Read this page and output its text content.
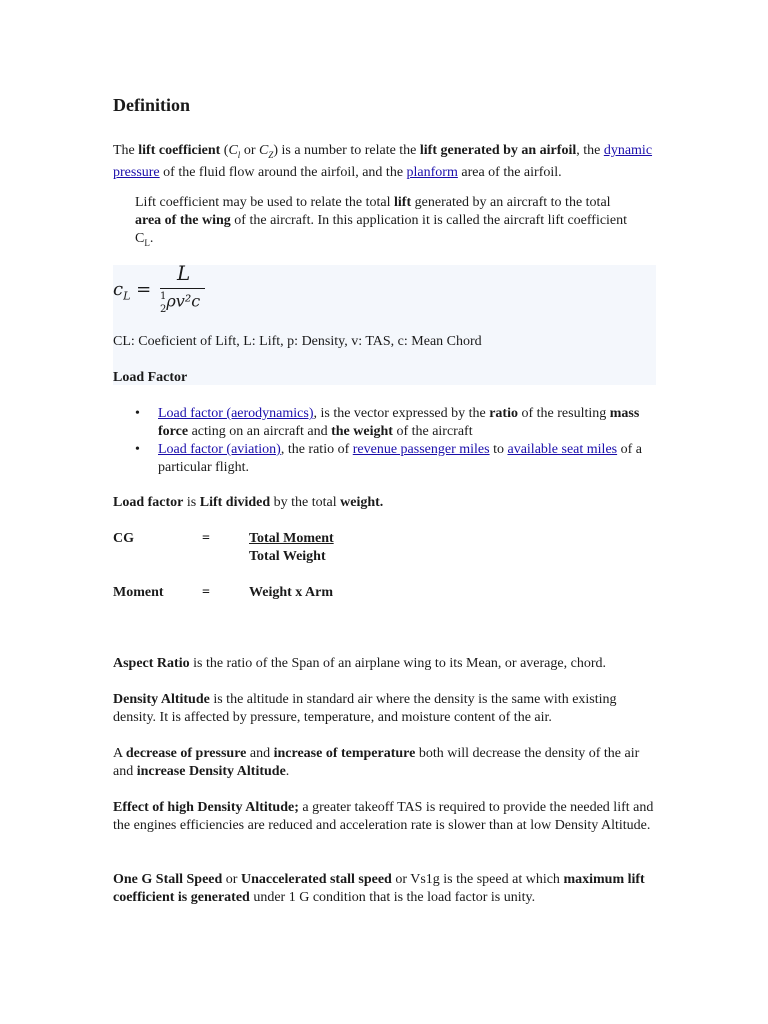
Definition
The lift coefficient ($C_l$ or $C_Z$) is a number to relate the lift generated by an airfoil, the dynamic pressure of the fluid flow around the airfoil, and the planform area of the airfoil.
Lift coefficient may be used to relate the total lift generated by an aircraft to the total area of the wing of the aircraft. In this application it is called the aircraft lift coefficient $C_L$.
$c_L$ =
L
1
2ρv²c
CL: Coeficient of Lift, L: Lift, p: Density, v: TAS, c: Mean Chord
Load Factor
• Load factor (aerodynamics), is the vector expressed by the ratio of the resulting mass force acting on an aircraft and the weight of the aircraft
• Load factor (aviation), the ratio of revenue passenger miles to available seat miles of a particular flight.
Load factor is Lift divided by the total weight.
CG	=	Total Moment
Total Weight
Moment	=	Weight x Arm
Aspect Ratio is the ratio of the Span of an airplane wing to its Mean, or average, chord.
Density Altitude is the altitude in standard air where the density is the same with existing density. It is affected by pressure, temperature, and moisture content of the air.
A decrease of pressure and increase of temperature both will decrease the density of the air and increase Density Altitude.
Effect of high Density Altitude; a greater takeoff TAS is required to provide the needed lift and the engines efficiencies are reduced and acceleration rate is slower than at low Density Altitude.
One G Stall Speed or Unaccelerated stall speed or Vs1g is the speed at which maximum lift coefficient is generated under 1 G condition that is the load factor is unity.
